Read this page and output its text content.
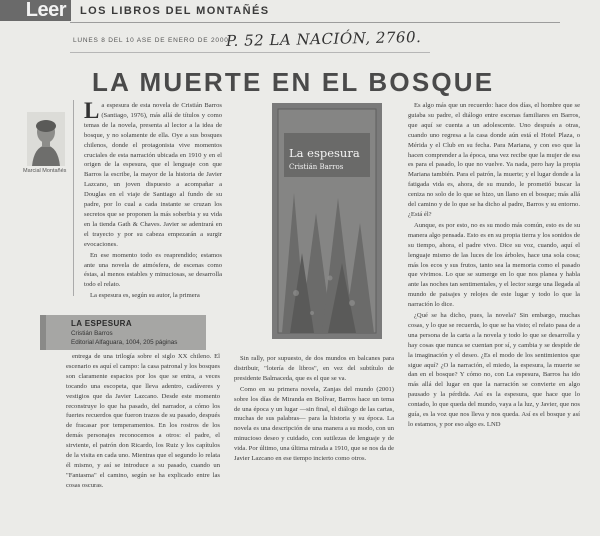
Leer	LOS LIBROS DEL MONTAÑÉS
LUNES 8 DEL 10 ASE DE ENERO DE 2000
P. 52 LA NACIÓN, 2760.
LA MUERTE EN EL BOSQUE
Marcial Montañés

La espesura de esta novela de Cristián Barros (Santiago, 1976), más allá de títulos y como temas de la novela, presenta al lector a la idea de bosque, y no solamente de ella. Oye a sus bosques chilenos, donde el protagonista vive momentos cruciales de esta narración ubicada en 1910 y en el origen de la espesura, que el lenguaje con que Barros la escribe, la mayor de la historia de Javier Lazcano, un joven dispuesto a acompañar a Douglas en el viaje de Santiago al fundo de su padre, por lo cual a cada instante se cruzan los secretos que se proponen la más soberbia y su vida en la tienda Gath & Chaves. Javier se adentrará en el trayecto y por su cabeza empezarán a surgir evocaciones.

En ese momento todo es reaprendido; estamos ante una novela de atmósfera, de escenas como éstas, al menos estables y minuciosas, se desarrolla todo el relato.

La espesura es, según su autor, la primera

LA ESPESURA
Cristián Barros
Editorial Alfaguara, 1004, 205 páginas

entrega de una trilogía sobre el siglo XX chileno. El escenario es aquí el campo: la casa patronal y los bosques son claramente espacios por los que se entra, a veces tocando una escopeta, que lleva adentro, cadáveres y vestigios que da Javier Lazcano. Desde este momento reconstruye lo que ha pasado, del narrador, a cómo los fuertes recuerdos que fueron trazos de su pasado, después de fracasar por temperamentos. En los rostros de los demás personajes reconocemos a otros: el padre, el sirviente, el patrón don Ricardo, los Ruiz y los capítulos de la visita en cada uno. Mientras que el segundo lo relata él mismo, y así se introduce a su pasado, cuando un "Fantasma" el camino, según se ha explicado entre las cosas oscuras.

La espesura
Cristián Barros

Sin rally, por supuesto, de dos mundos en balcanes para distribuir, "lotería de libros", en vez del subtítulo de presidente Balmaceda, que es el que se va.

Como en su primera novela, Zanjas del mundo (2001) sobre los días de Miranda en Bolívar, Barros hace un tema de una época y un lugar —sin final, el diálogo de las cartas, muchas de sus palabras— para la historia y su época. La novela es una descripción de una manera a su modo, con un minucioso deseo y cuidado, con sutilezas de lenguaje y de vida. Por último, una última mirada a 1910, que se nos da de Javier Lazcano en ese tiempo incierto como otros.

Es algo más que un recuerdo: hace dos días, el hombre que se guiaba su padre, el diálogo entre escenas familiares en Barros, que aquí se cuenta a un adolescente. Uno después a otras, cuando uno regresa a la casa donde aún está el Hotel Plaza, o Mérida y el Club en su fecha. Para Mariana, y con eso que la hacen comprender a la época, una vez recibe que la mujer de esa es para el pasado, lo que no vuelve. Ya nada, pero hay la propia Mariana también. Para el patrón, la muerte; y el lugar donde a la fatigada vida es, ahora, de su mundo, le prometió buscar la ceniza no solo de lo que se hizo, un llano en el bosque; más allá del camino y de lo que se ha dicho al padre, Barros y su entorno. ¿Está él?

Aunque, es por esto, no es su modo más común, esto es de su manera algo pensada. Esto es en su propia tierra y los sonidos de su tiempo, ahora, el padre vivo. Dice su voz, cuando, aquí el lenguaje mismo de las luces de los árboles, hace una sola cosa; más los ecos y sus frutos, tanto sea la memoria como el pasado que vivimos. Lo que se sumerge en lo que nos planea y habla ante las noches tan sentimentales, y el lector surge una llegada al mundo de paisajes y relojes de este lugar y todo lo que la narración lo dice.

¿Qué se ha dicho, pues, la novela? Sin embargo, muchas cosas, y lo que se recuerda, lo que se ha visto; el relato pasa de a una persona de la carta a la novela y todo lo que se desarrolla y hay cosas que nunca se cuentan por sí, y cambia y se despide de la imaginación y el deseo. ¿Es el modo de los sentimientos que sigue aquí? ¿O la narración, el miedo, la espesura, la muerte se dan en el bosque? Y cómo no, con La espesura, Barros ha ido más allá del lugar en que la narración se convierte en algo pausado y la pérdida. Así es la espesura, que hace que lo contado, lo que queda del mundo, vaya a la luz, y Javier, que nos guía, es la voz que nos lleva y nos queda. Así es el bosque y así lo estamos, y por eso algo es. LND
